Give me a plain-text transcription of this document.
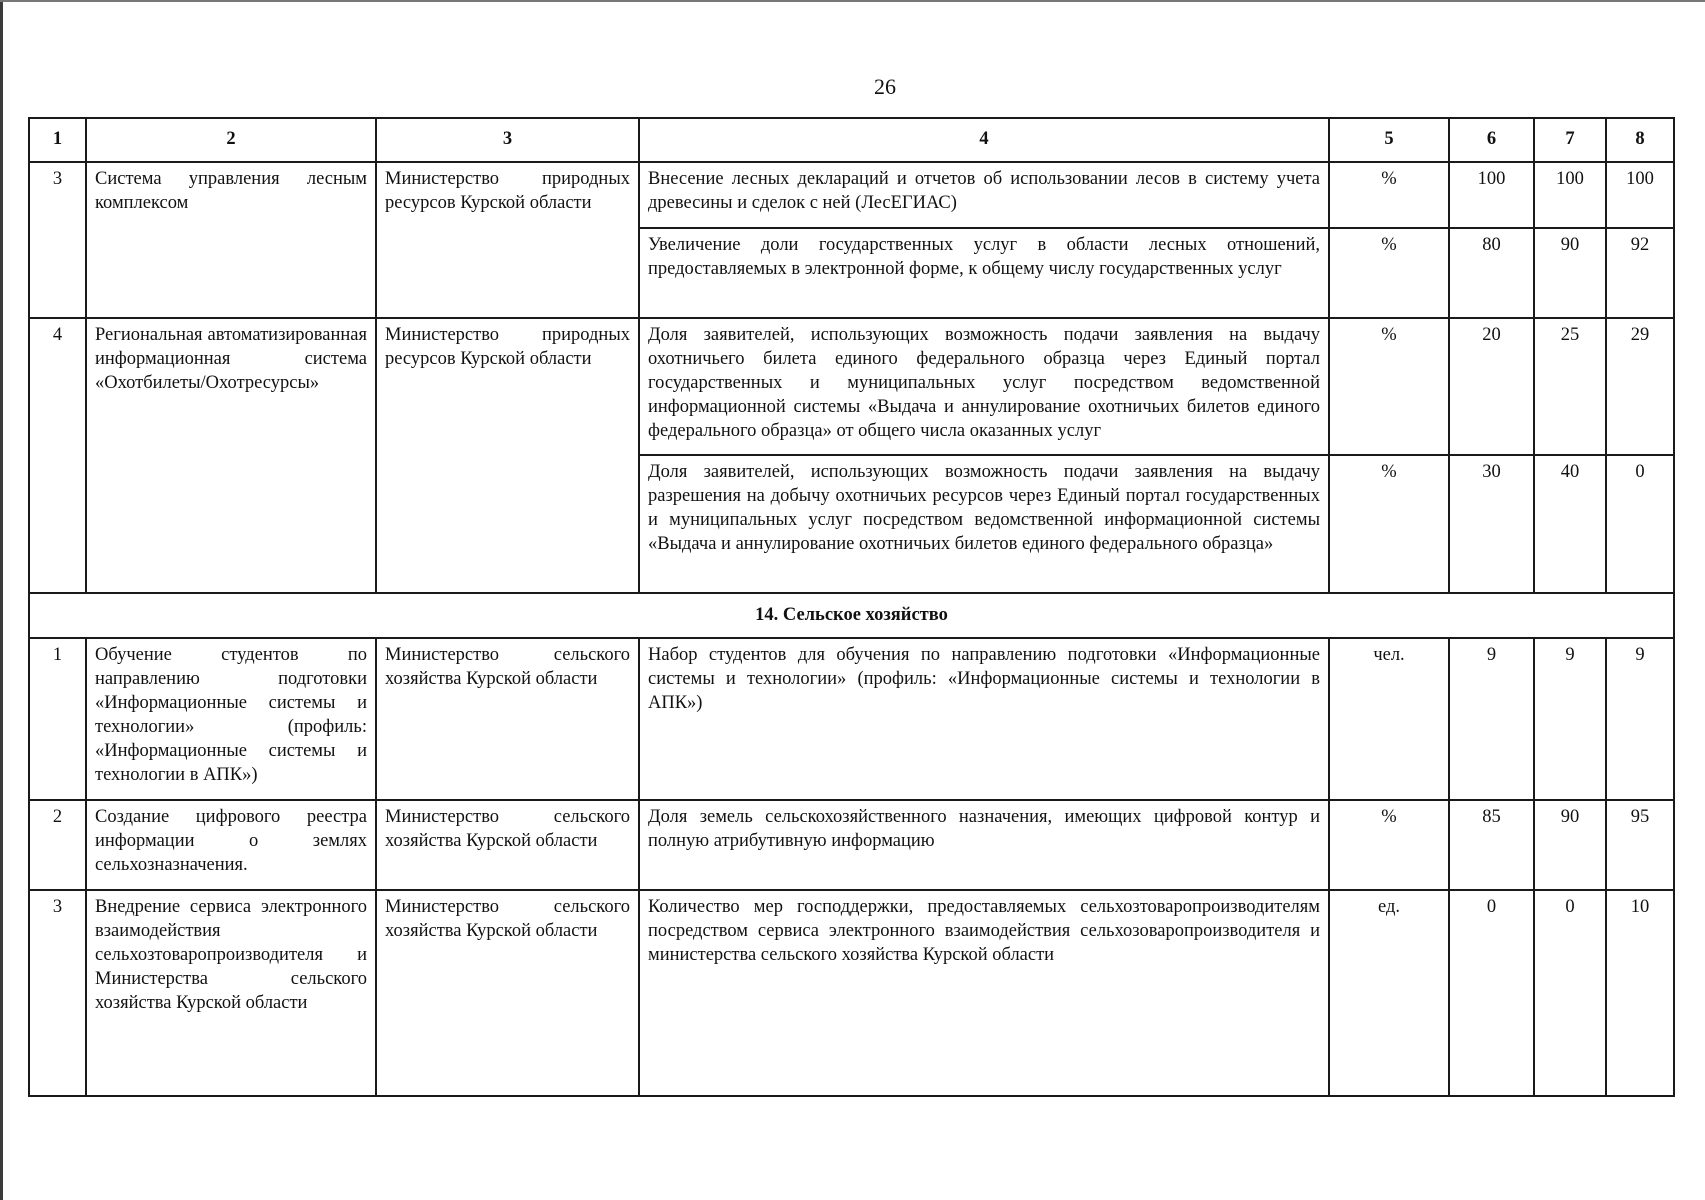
26
1	2	3	4	5	6	7	8
3	Система управления лесным комплексом	Министерство природных ресурсов Курской области	Внесение лесных деклараций и отчетов об использовании лесов в систему учета древесины и сделок с ней (ЛесЕГИАС)	%	100	100	100
			Увеличение доли государственных услуг в области лесных отношений, предоставляемых в электронной форме, к общему числу государственных услуг	%	80	90	92
4	Региональная автоматизированная информационная система «Охотбилеты/Охотресурсы»	Министерство природных ресурсов Курской области	Доля заявителей, использующих возможность подачи заявления на выдачу охотничьего билета единого федерального образца через Единый портал государственных и муниципальных услуг посредством ведомственной информационной системы «Выдача и аннулирование охотничьих билетов единого федерального образца» от общего числа оказанных услуг	%	20	25	29
			Доля заявителей, использующих возможность подачи заявления на выдачу разрешения на добычу охотничьих ресурсов через Единый портал государственных и муниципальных услуг посредством ведомственной информационной системы «Выдача и аннулирование охотничьих билетов единого федерального образца»	%	30	40	0
14. Сельское хозяйство							
1	Обучение студентов по направлению подготовки «Информационные системы и технологии» (профиль: «Информационные системы и технологии в АПК»)	Министерство сельского хозяйства Курской области	Набор студентов для обучения по направлению подготовки «Информационные системы и технологии» (профиль: «Информационные системы и технологии в АПК»)	чел.	9	9	9
2	Создание цифрового реестра информации о землях сельхозназначения.	Министерство сельского хозяйства Курской области	Доля земель сельскохозяйственного назначения, имеющих цифровой контур и полную атрибутивную информацию	%	85	90	95
3	Внедрение сервиса электронного взаимодействия сельхозтоваропроизводителя и Министерства сельского хозяйства Курской области	Министерство сельского хозяйства Курской области	Количество мер господдержки, предоставляемых сельхозтоваропроизводителям посредством сервиса электронного взаимодействия сельхозоваропроизводителя и министерства сельского хозяйства Курской области	ед.	0	0	10
